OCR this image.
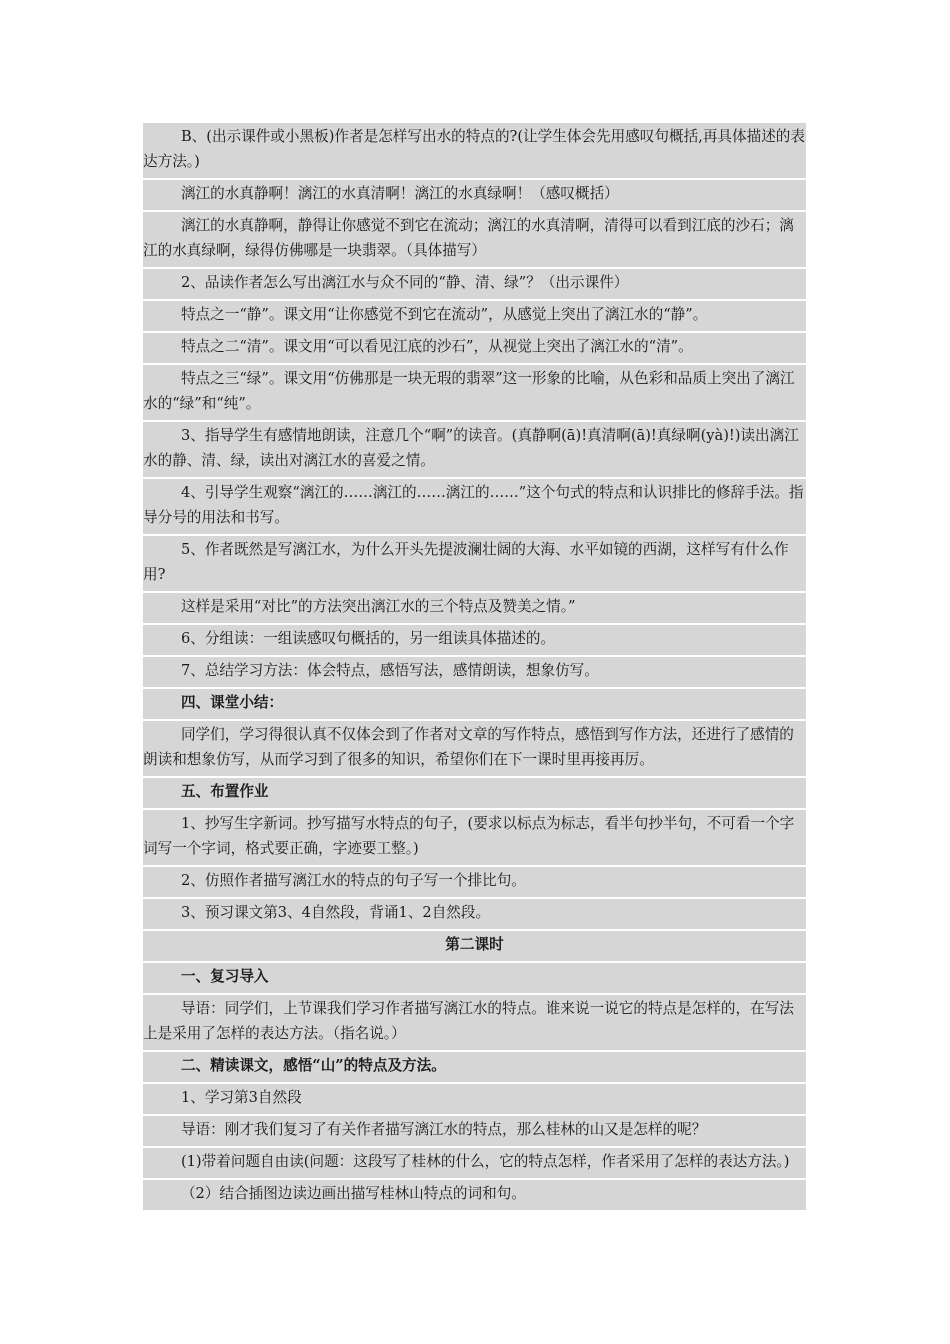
B、(出示课件或小黑板)作者是怎样写出水的特点的?(让学生体会先用感叹句概括,再具体描述的表达方法。)
漓江的水真静啊！漓江的水真清啊！漓江的水真绿啊！（感叹概括）
漓江的水真静啊，静得让你感觉不到它在流动；漓江的水真清啊，清得可以看到江底的沙石；漓江的水真绿啊，绿得仿佛哪是一块翡翠。（具体描写）
2、品读作者怎么写出漓江水与众不同的“静、清、绿”？（出示课件）
特点之一“静”。课文用“让你感觉不到它在流动”，从感觉上突出了漓江水的“静”。
特点之二“清”。课文用“可以看见江底的沙石”，从视觉上突出了漓江水的“清”。
特点之三“绿”。课文用“仿佛那是一块无瑕的翡翠”这一形象的比喻，从色彩和品质上突出了漓江水的“绿”和“纯”。
3、指导学生有感情地朗读，注意几个“啊”的读音。(真静啊(ā)!真清啊(ā)!真绿啊(yà)!)读出漓江水的静、清、绿，读出对漓江水的喜爱之情。
4、引导学生观察“漓江的……漓江的……漓江的……”这个句式的特点和认识排比的修辞手法。指导分号的用法和书写。
5、作者既然是写漓江水，为什么开头先提波澜壮阔的大海、水平如镜的西湖，这样写有什么作用?
这样是采用“对比”的方法突出漓江水的三个特点及赞美之情。”
6、分组读：一组读感叹句概括的，另一组读具体描述的。
7、总结学习方法：体会特点，感悟写法，感情朗读，想象仿写。
四、课堂小结：
同学们，学习得很认真不仅体会到了作者对文章的写作特点，感悟到写作方法，还进行了感情的朗读和想象仿写，从而学习到了很多的知识，希望你们在下一课时里再接再厉。
五、布置作业
1、抄写生字新词。抄写描写水特点的句子，(要求以标点为标志，看半句抄半句，不可看一个字词写一个字词，格式要正确，字迹要工整。)
2、仿照作者描写漓江水的特点的句子写一个排比句。
3、预习课文第3、4自然段，背诵1、2自然段。
第二课时
一、复习导入
导语：同学们，上节课我们学习作者描写漓江水的特点。谁来说一说它的特点是怎样的，在写法上是采用了怎样的表达方法。（指名说。）
二、精读课文，感悟“山”的特点及方法。
1、学习第3自然段
导语：刚才我们复习了有关作者描写漓江水的特点，那么桂林的山又是怎样的呢？
(1)带着问题自由读(问题：这段写了桂林的什么，它的特点怎样，作者采用了怎样的表达方法。)
（2）结合插图边读边画出描写桂林山特点的词和句。
